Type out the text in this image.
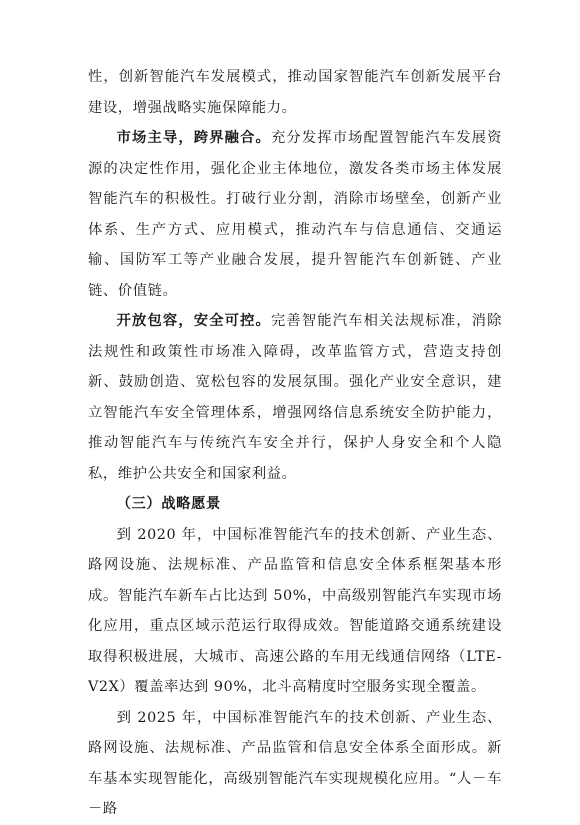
性，创新智能汽车发展模式，推动国家智能汽车创新发展平台建设，增强战略实施保障能力。

市场主导，跨界融合。充分发挥市场配置智能汽车发展资源的决定性作用，强化企业主体地位，激发各类市场主体发展智能汽车的积极性。打破行业分割，消除市场壁垒，创新产业体系、生产方式、应用模式，推动汽车与信息通信、交通运输、国防军工等产业融合发展，提升智能汽车创新链、产业链、价值链。

开放包容，安全可控。完善智能汽车相关法规标准，消除法规性和政策性市场准入障碍，改革监管方式，营造支持创新、鼓励创造、宽松包容的发展氛围。强化产业安全意识，建立智能汽车安全管理体系，增强网络信息系统安全防护能力，推动智能汽车与传统汽车安全并行，保护人身安全和个人隐私，维护公共安全和国家利益。

（三）战略愿景

到 2020 年，中国标准智能汽车的技术创新、产业生态、路网设施、法规标准、产品监管和信息安全体系框架基本形成。智能汽车新车占比达到 50%，中高级别智能汽车实现市场化应用，重点区域示范运行取得成效。智能道路交通系统建设取得积极进展，大城市、高速公路的车用无线通信网络（LTE-V2X）覆盖率达到 90%，北斗高精度时空服务实现全覆盖。

到 2025 年，中国标准智能汽车的技术创新、产业生态、路网设施、法规标准、产品监管和信息安全体系全面形成。新车基本实现智能化，高级别智能汽车实现规模化应用。“人－车－路
